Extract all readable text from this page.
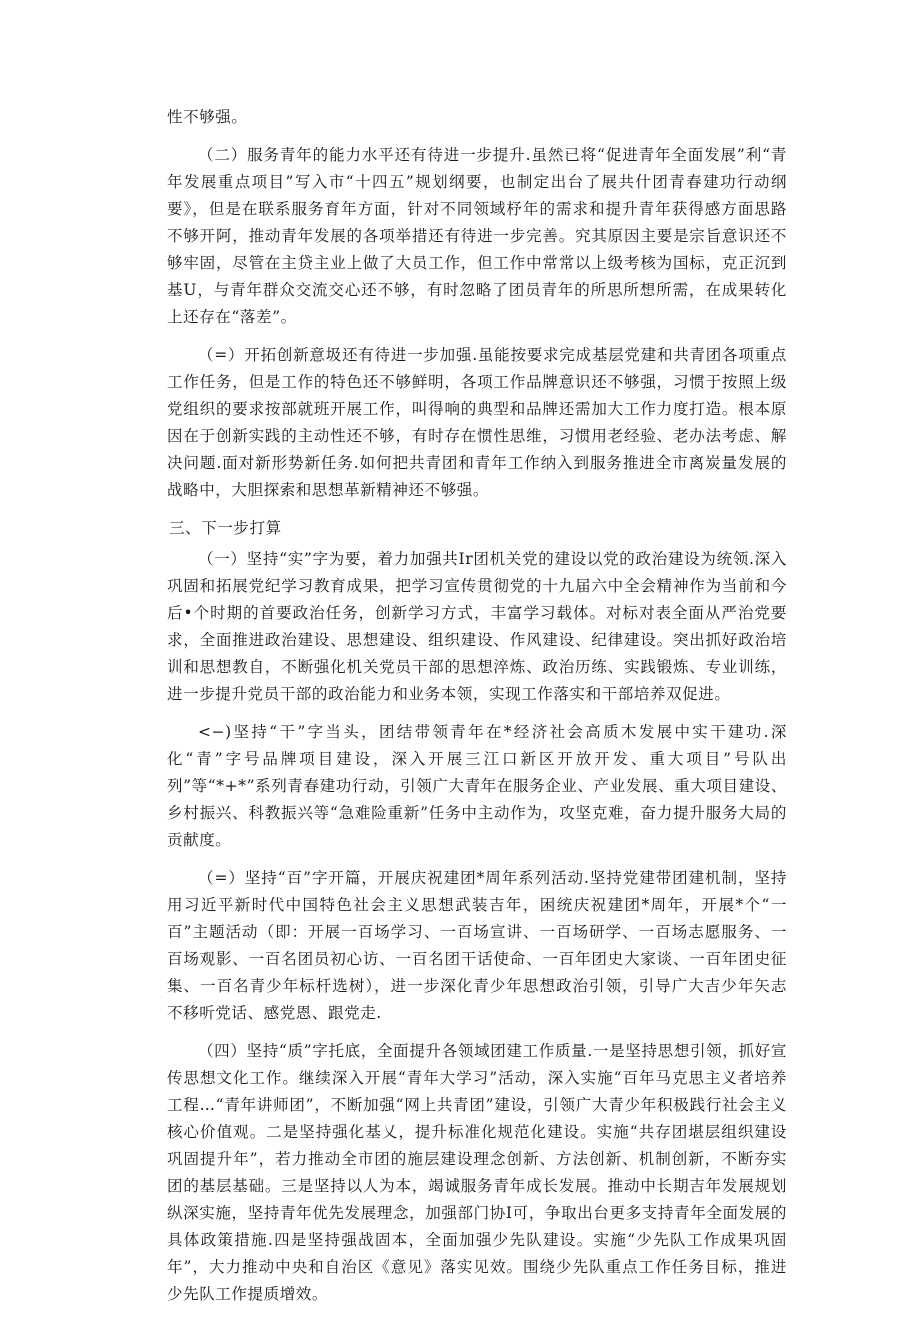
性不够强。

（二）服务青年的能力水平还有待进一步提升.虽然已将“促进青年全面发展”利“青年发展重点项目”写入市“十四五”规划纲要，也制定出台了展共什团青春建功行动纲要》，但是在联系服务育年方面，针对不同领域杼年的需求和提升青年获得感方面思路不够开阿，推动青年发展的各项举措还有待进一步完善。究其原因主要是宗旨意识还不够牢固，尽管在主贷主业上做了大员工作，但工作中常常以上级考核为国标，克正沉到基U，与青年群众交流交心还不够，有时忽略了团员青年的所思所想所需，在成果转化上还存在“落差”。

（=）开拓创新意圾还有待进一步加强.虽能按要求完成基层党建和共青团各项重点工作任务，但是工作的特色还不够鲜明，各项工作品牌意识还不够强，习惯于按照上级党组织的要求按部就班开展工作，叫得响的典型和品牌还需加大工作力度打造。根本原因在于创新实践的主动性还不够，有时存在惯性思维，习惯用老经验、老办法考虑、解决问题.面对新形势新任务.如何把共青团和青年工作纳入到服务推进全市离炭量发展的战略中，大胆探索和思想革新精神还不够强。

三、下一步打算

（一）坚持“实”字为要，着力加强共Ir团机关党的建设以党的政治建设为统领.深入巩固和拓展党纪学习教育成果，把学习宣传贯彻党的十九届六中全会精神作为当前和今后•个时期的首要政治任务，创新学习方式，丰富学习载体。对标对表全面从严治党要求，全面推进政治建设、思想建设、组织建设、作风建设、纪律建设。突出抓好政治培训和思想教自，不断强化机关党员干部的思想淬炼、政治历练、实践锻炼、专业训练，进一步提升党员干部的政治能力和业务本领，实现工作落实和干部培养双促进。

<−)坚持“干”字当头，团结带领青年在*经济社会高质木发展中实干建功.深化“青”字号品牌项目建设，深入开展三江口新区开放开发、重大项目”号队出列”等“*+*”系列青春建功行动，引领广大青年在服务企业、产业发展、重大项目建设、乡村振兴、科教振兴等“急难险重新”任务中主动作为，攻坚克难，奋力提升服务大局的贡献度。

（=）坚持“百”字开篇，开展庆祝建团*周年系列活动.坚持党建带团建机制，坚持用习近平新时代中国特色社会主义思想武装吉年，困统庆祝建团*周年，开展*个“一百”主题活动（即：开展一百场学习、一百场宣讲、一百场研学、一百场志愿服务、一百场观影、一百名团员初心访、一百名团干话使命、一百年团史大家谈、一百年团史征集、一百名青少年标杆选树），进一步深化青少年思想政治引领，引导广大吉少年矢志不移听党话、感党恩、跟党走.

（四）坚持“质”字托底，全面提升各领域团建工作质量.一是坚持思想引领，抓好宣传思想文化工作。继续深入开展“青年大学习”活动，深入实施“百年马克思主义者培养工程…“青年讲师团”，不断加强“网上共青团”建设，引领广大青少年积极践行社会主义核心价值观。二是坚持强化基乂，提升标准化规范化建设。实施“共存团堪层组织建设巩固提升年”，若力推动全市团的施层建设理念创新、方法创新、机制创新，不断夯实团的基层基础。三是坚持以人为本，竭诚服务青年成长发展。推动中长期吉年发展规划纵深实施，坚持青年优先发展理念，加强部门协I可，争取出台更多支持青年全面发展的具体政策措施.四是坚持强战固本，全面加强少先队建设。实施“少先队工作成果巩固年”，大力推动中央和自治区《意见》落实见效。围绕少先队重点工作任务目标，推进少先队工作提质增效。
